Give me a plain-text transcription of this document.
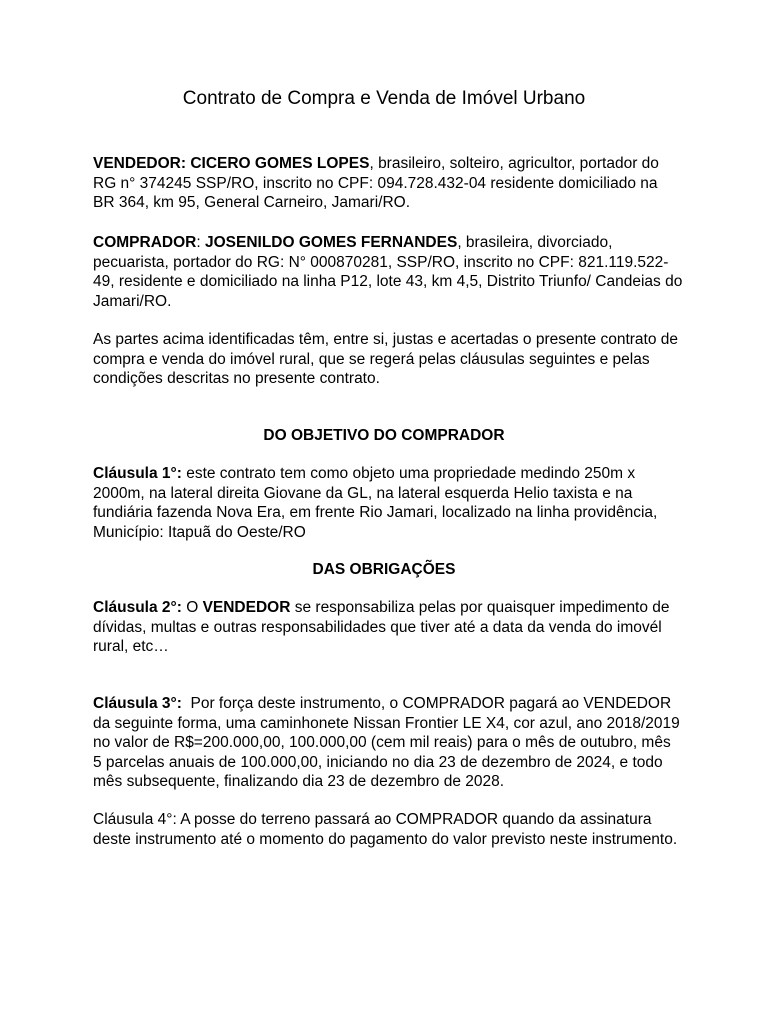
Contrato de Compra e Venda de Imóvel Urbano

VENDEDOR: CICERO GOMES LOPES, brasileiro, solteiro, agricultor, portador do RG n° 374245 SSP/RO, inscrito no CPF: 094.728.432-04 residente domiciliado na BR 364, km 95, General Carneiro, Jamari/RO.

COMPRADOR: JOSENILDO GOMES FERNANDES, brasileira, divorciado, pecuarista, portador do RG: N° 000870281, SSP/RO, inscrito no CPF: 821.119.522-49, residente e domiciliado na linha P12, lote 43, km 4,5, Distrito Triunfo/ Candeias do Jamari/RO.

As partes acima identificadas têm, entre si, justas e acertadas o presente contrato de compra e venda do imóvel rural, que se regerá pelas cláusulas seguintes e pelas condições descritas no presente contrato.

DO OBJETIVO DO COMPRADOR

Cláusula 1°: este contrato tem como objeto uma propriedade medindo 250m x 2000m, na lateral direita Giovane da GL, na lateral esquerda Helio taxista e na fundiária fazenda Nova Era, em frente Rio Jamari, localizado na linha providência, Município: Itapuã do Oeste/RO

DAS OBRIGAÇÕES

Cláusula 2°: O VENDEDOR se responsabiliza pelas por quaisquer impedimento de dívidas, multas e outras responsabilidades que tiver até a data da venda do imovél rural, etc…

Cláusula 3°:  Por força deste instrumento, o COMPRADOR pagará ao VENDEDOR da seguinte forma, uma caminhonete Nissan Frontier LE X4, cor azul, ano 2018/2019 no valor de R$=200.000,00, 100.000,00 (cem mil reais) para o mês de outubro, mês 5 parcelas anuais de 100.000,00, iniciando no dia 23 de dezembro de 2024, e todo mês subsequente, finalizando dia 23 de dezembro de 2028.

Cláusula 4°: A posse do terreno passará ao COMPRADOR quando da assinatura deste instrumento até o momento do pagamento do valor previsto neste instrumento.
